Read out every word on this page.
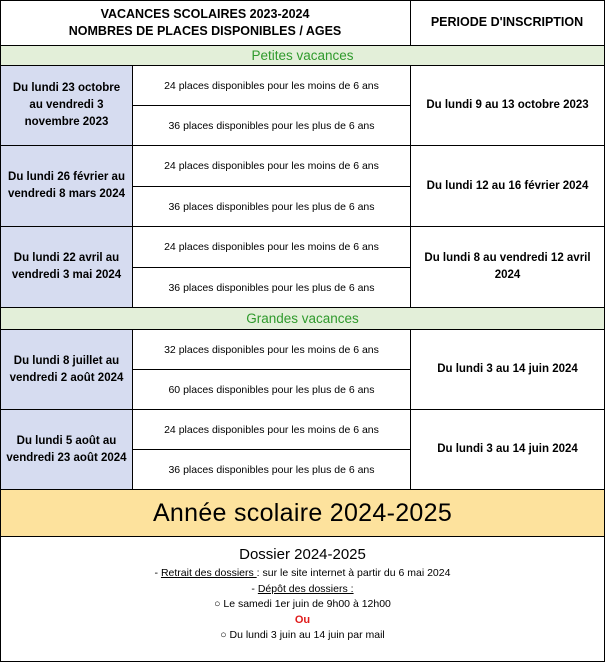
VACANCES SCOLAIRES 2023-2024
NOMBRES DE PLACES DISPONIBLES / AGES
PERIODE D'INSCRIPTION
Petites vacances
Du lundi 23 octobre au vendredi 3 novembre 2023
24 places disponibles pour les moins de 6 ans
36 places disponibles pour les plus de 6 ans
Du lundi 9 au 13 octobre 2023
Du lundi 26 février au vendredi 8 mars 2024
24 places disponibles pour les moins de 6 ans
36 places disponibles pour les plus de 6 ans
Du lundi 12 au 16 février 2024
Du lundi 22 avril au vendredi 3 mai 2024
24 places disponibles pour les moins de 6 ans
36 places disponibles pour les plus de 6 ans
Du lundi 8 au vendredi 12 avril 2024
Grandes vacances
Du lundi 8 juillet au vendredi 2 août 2024
32 places disponibles pour les moins de 6 ans
60 places disponibles pour les plus de 6 ans
Du lundi 3 au 14 juin 2024
Du lundi 5 août au vendredi 23 août 2024
24 places disponibles pour les moins de 6 ans
36 places disponibles pour les plus de 6 ans
Du lundi 3 au 14 juin 2024
Année scolaire 2024-2025
Dossier 2024-2025
- Retrait des dossiers : sur le site internet à partir du 6 mai 2024
- Dépôt des dossiers :
○ Le samedi 1er juin de 9h00 à 12h00
Ou
○ Du lundi 3 juin au 14 juin par mail
